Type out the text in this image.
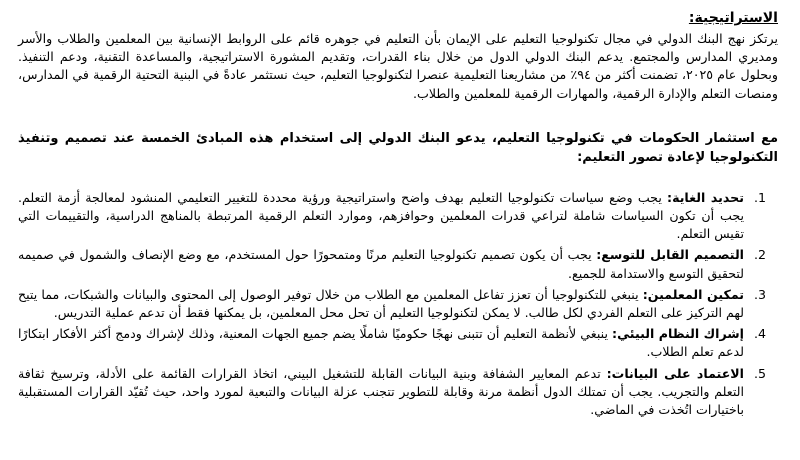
الاستراتيجية:

يرتكز نهج البنك الدولي في مجال تكنولوجيا التعليم على الإيمان بأن التعليم في جوهره قائم على الروابط الإنسانية بين المعلمين والطلاب والأسر ومديري المدارس والمجتمع. يدعم البنك الدولي الدول من خلال بناء القدرات، وتقديم المشورة الاستراتيجية، والمساعدة التقنية، ودعم التنفيذ. وبحلول عام ٢٠٢٥، تضمنت أكثر من ٩٤٪ من مشاريعنا التعليمية عنصرا لتكنولوجيا التعليم، حيث نستثمر عادةً في البنية التحتية الرقمية في المدارس، ومنصات التعلم والإدارة الرقمية، والمهارات الرقمية للمعلمين والطلاب.

مع استثمار الحكومات في تكنولوجيا التعليم، يدعو البنك الدولي إلى استخدام هذه المبادئ الخمسة عند تصميم وتنفيذ التكنولوجيا لإعادة تصور التعليم:
.1
تحديد الغاية: يجب وضع سياسات تكنولوجيا التعليم بهدف واضح واستراتيجية ورؤية محددة للتغيير التعليمي المنشود لمعالجة أزمة التعلم. يجب أن تكون السياسات شاملة لتراعي قدرات المعلمين وحوافزهم، وموارد التعلم الرقمية المرتبطة بالمناهج الدراسية، والتقييمات التي تقيس التعلم.
.2
التصميم القابل للتوسع: يجب أن يكون تصميم تكنولوجيا التعليم مرنًا ومتمحورًا حول المستخدم، مع وضع الإنصاف والشمول في صميمه لتحقيق التوسع والاستدامة للجميع.
.3
تمكين المعلمين: ينبغي للتكنولوجيا أن تعزز تفاعل المعلمين مع الطلاب من خلال توفير الوصول إلى المحتوى والبيانات والشبكات، مما يتيح لهم التركيز على التعلم الفردي لكل طالب. لا يمكن لتكنولوجيا التعليم أن تحل محل المعلمين، بل يمكنها فقط أن تدعم عملية التدريس.
.4
إشراك النظام البيئي: ينبغي لأنظمة التعليم أن تتبنى نهجًا حكوميًا شاملًا يضم جميع الجهات المعنية، وذلك لإشراك ودمج أكثر الأفكار ابتكارًا لدعم تعلم الطلاب.
.5
الاعتماد على البيانات: تدعم المعايير الشفافة وبنية البيانات القابلة للتشغيل البيني، اتخاذ القرارات القائمة على الأدلة، وترسيخ ثقافة التعلم والتجريب. يجب أن تمتلك الدول أنظمة مرنة وقابلة للتطوير تتجنب عزلة البيانات والتبعية لمورد واحد، حيث تُقيّد القرارات المستقبلية باختيارات اتُخذت في الماضي.
